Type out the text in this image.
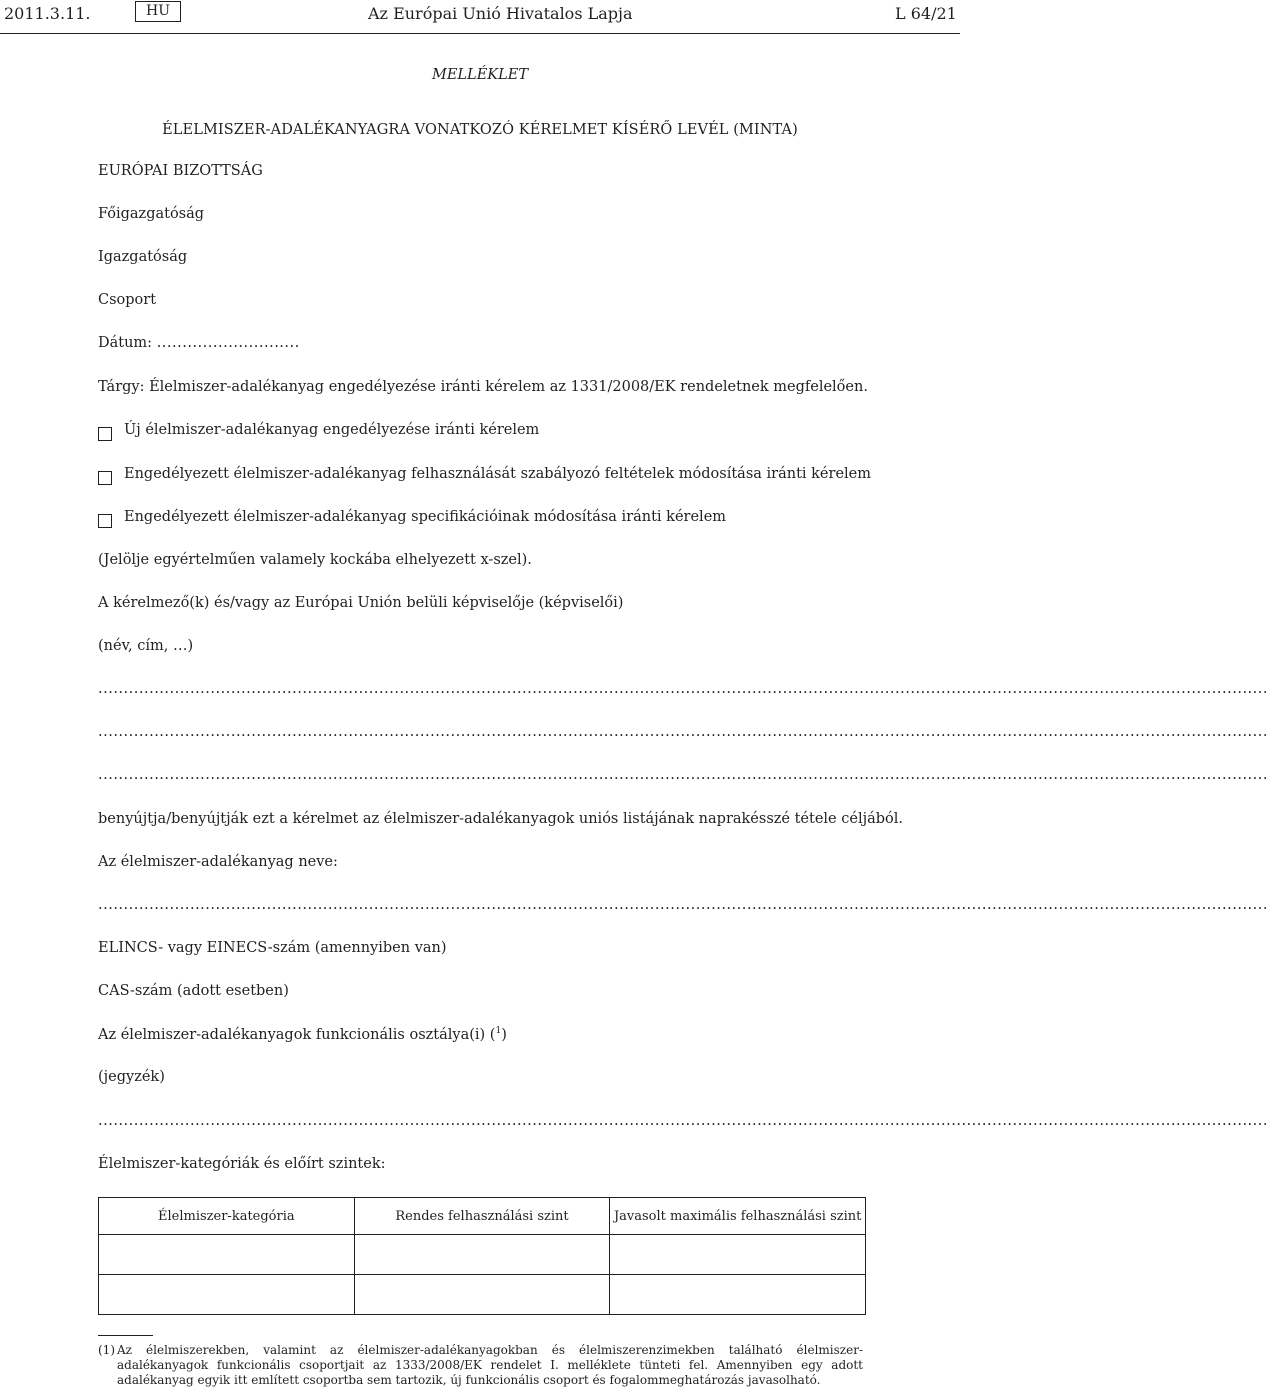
2011.3.11.	HU	Az Európai Unió Hivatalos Lapja	L 64/21
MELLÉKLET
ÉLELMISZER-ADALÉKANYAGRA VONATKOZÓ KÉRELMET KÍSÉRŐ LEVÉL (MINTA)
EURÓPAI BIZOTTSÁG
Főigazgatóság
Igazgatóság
Csoport
Dátum: ............................
Tárgy: Élelmiszer-adalékanyag engedélyezése iránti kérelem az 1331/2008/EK rendeletnek megfelelően.
Új élelmiszer-adalékanyag engedélyezése iránti kérelem
Engedélyezett élelmiszer-adalékanyag felhasználását szabályozó feltételek módosítása iránti kérelem
Engedélyezett élelmiszer-adalékanyag specifikációinak módosítása iránti kérelem
(Jelölje egyértelműen valamely kockába elhelyezett x-szel).
A kérelmező(k) és/vagy az Európai Unión belüli képviselője (képviselői)
(név, cím, …)
.....................................................................................................................................................................................................................................
.....................................................................................................................................................................................................................................
.....................................................................................................................................................................................................................................
benyújtja/benyújtják ezt a kérelmet az élelmiszer-adalékanyagok uniós listájának naprakésszé tétele céljából.
Az élelmiszer-adalékanyag neve:
.....................................................................................................................................................................................................................................
ELINCS- vagy EINECS-szám (amennyiben van)
CAS-szám (adott esetben)
Az élelmiszer-adalékanyagok funkcionális osztálya(i) ($^1$)
(jegyzék)
.....................................................................................................................................................................................................................................
Élelmiszer-kategóriák és előírt szintek:
Élelmiszer-kategória	Rendes felhasználási szint	Javasolt maximális felhasználási szint

(1) Az élelmiszerekben, valamint az élelmiszer-adalékanyagokban és élelmiszerenzimekben található élelmiszer-adalékanyagok funkcionális csoportjait az 1333/2008/EK rendelet I. melléklete tünteti fel. Amennyiben egy adott adalékanyag egyik itt említett csoportba sem tartozik, új funkcionális csoport és fogalommeghatározás javasolható.
